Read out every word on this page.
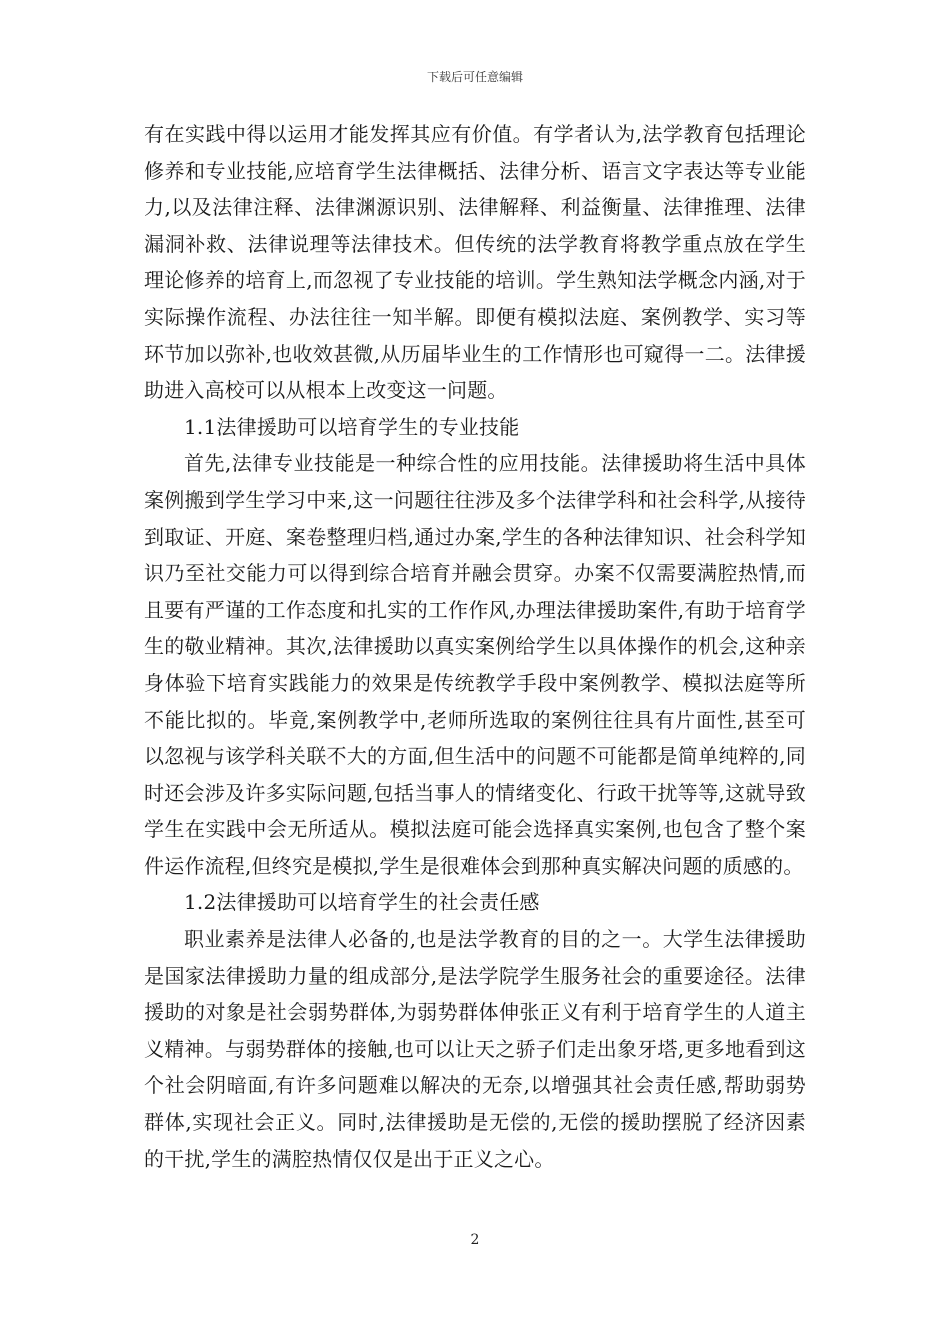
下载后可任意编辑

有在实践中得以运用才能发挥其应有价值。有学者认为,法学教育包括理论修养和专业技能,应培育学生法律概括、法律分析、语言文字表达等专业能力,以及法律注释、法律渊源识别、法律解释、利益衡量、法律推理、法律漏洞补救、法律说理等法律技术。但传统的法学教育将教学重点放在学生理论修养的培育上,而忽视了专业技能的培训。学生熟知法学概念内涵,对于实际操作流程、办法往往一知半解。即便有模拟法庭、案例教学、实习等环节加以弥补,也收效甚微,从历届毕业生的工作情形也可窥得一二。法律援助进入高校可以从根本上改变这一问题。

1.1法律援助可以培育学生的专业技能

首先,法律专业技能是一种综合性的应用技能。法律援助将生活中具体案例搬到学生学习中来,这一问题往往涉及多个法律学科和社会科学,从接待到取证、开庭、案卷整理归档,通过办案,学生的各种法律知识、社会科学知识乃至社交能力可以得到综合培育并融会贯穿。办案不仅需要满腔热情,而且要有严谨的工作态度和扎实的工作作风,办理法律援助案件,有助于培育学生的敬业精神。其次,法律援助以真实案例给学生以具体操作的机会,这种亲身体验下培育实践能力的效果是传统教学手段中案例教学、模拟法庭等所不能比拟的。毕竟,案例教学中,老师所选取的案例往往具有片面性,甚至可以忽视与该学科关联不大的方面,但生活中的问题不可能都是简单纯粹的,同时还会涉及许多实际问题,包括当事人的情绪变化、行政干扰等等,这就导致学生在实践中会无所适从。模拟法庭可能会选择真实案例,也包含了整个案件运作流程,但终究是模拟,学生是很难体会到那种真实解决问题的质感的。

1.2法律援助可以培育学生的社会责任感

职业素养是法律人必备的,也是法学教育的目的之一。大学生法律援助是国家法律援助力量的组成部分,是法学院学生服务社会的重要途径。法律援助的对象是社会弱势群体,为弱势群体伸张正义有利于培育学生的人道主义精神。与弱势群体的接触,也可以让天之骄子们走出象牙塔,更多地看到这个社会阴暗面,有许多问题难以解决的无奈,以增强其社会责任感,帮助弱势群体,实现社会正义。同时,法律援助是无偿的,无偿的援助摆脱了经济因素的干扰,学生的满腔热情仅仅是出于正义之心。

2
